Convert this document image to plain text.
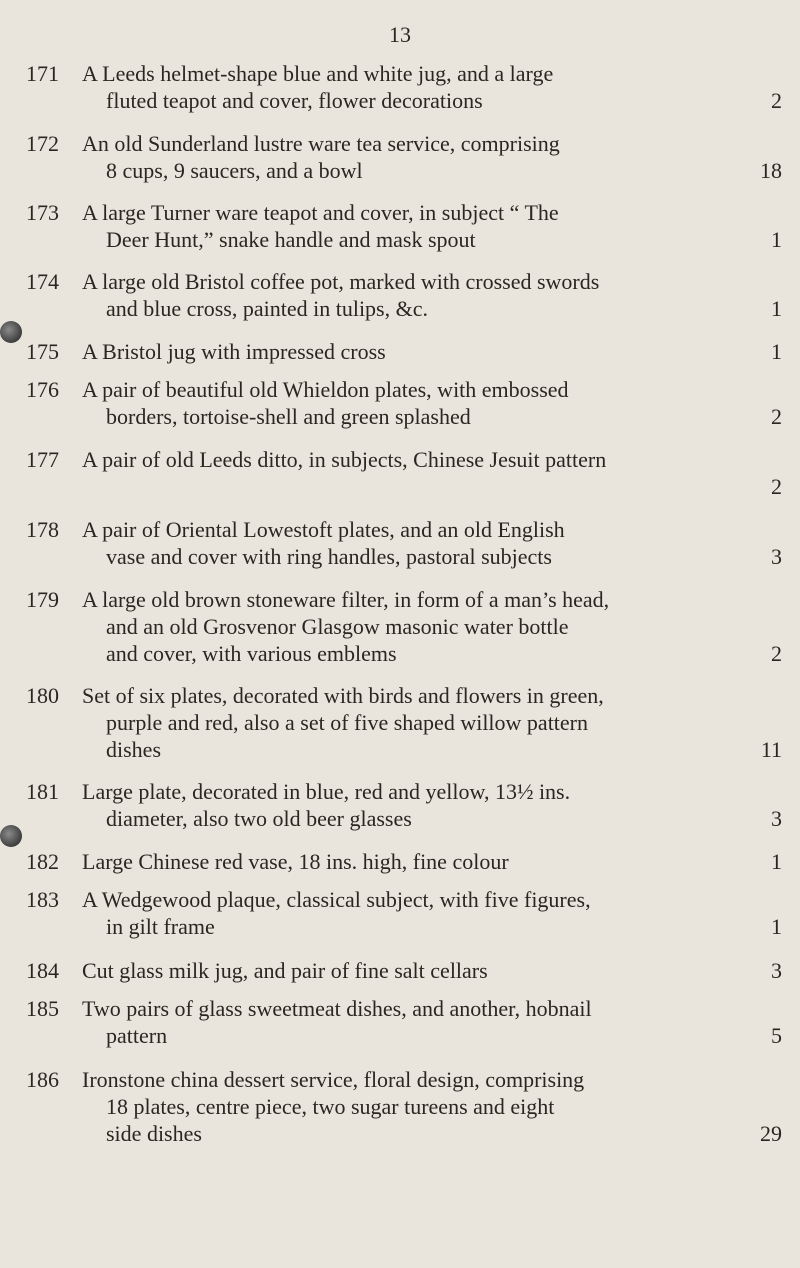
13
171	A Leeds helmet-shape blue and white jug, and a large
fluted teapot and cover, flower decorations	2
172	An old Sunderland lustre ware tea service, comprising
8 cups, 9 saucers, and a bowl	18
173	A large Turner ware teapot and cover, in subject “ The
Deer Hunt,” snake handle and mask spout	1
174	A large old Bristol coffee pot, marked with crossed swords
and blue cross, painted in tulips, &c.	1
175	A Bristol jug with impressed cross	1
176	A pair of beautiful old Whieldon plates, with embossed
borders, tortoise-shell and green splashed	2
177	A pair of old Leeds ditto, in subjects, Chinese Jesuit pattern
2
178	A pair of Oriental Lowestoft plates, and an old English
vase and cover with ring handles, pastoral subjects	3
179	A large old brown stoneware filter, in form of a man’s head,
and an old Grosvenor Glasgow masonic water bottle
and cover, with various emblems	2
180	Set of six plates, decorated with birds and flowers in green,
purple and red, also a set of five shaped willow pattern
dishes	11
181	Large plate, decorated in blue, red and yellow, 13½ ins.
diameter, also two old beer glasses	3
182	Large Chinese red vase, 18 ins. high, fine colour	1
183	A Wedgewood plaque, classical subject, with five figures,
in gilt frame	1
184	Cut glass milk jug, and pair of fine salt cellars	3
185	Two pairs of glass sweetmeat dishes, and another, hobnail
pattern	5
186	Ironstone china dessert service, floral design, comprising
18 plates, centre piece, two sugar tureens and eight
side dishes	29
